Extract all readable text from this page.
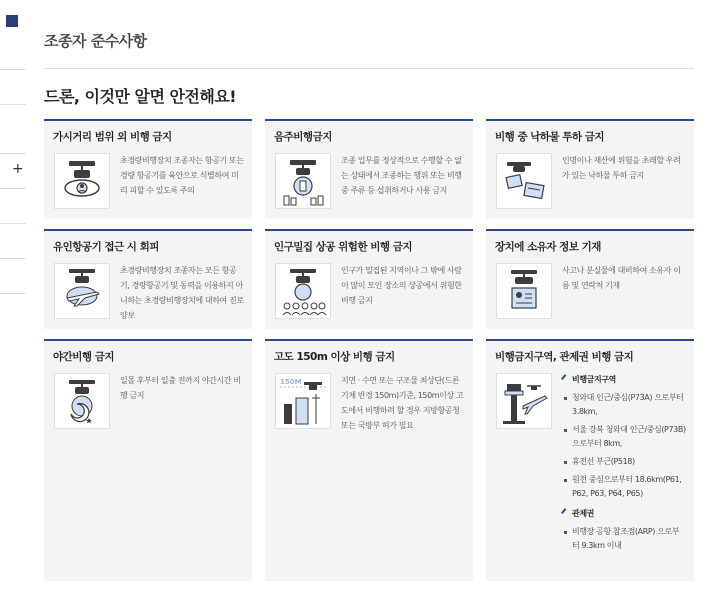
+
조종자 준수사항
드론, 이것만 알면 안전해요!
가시거리 범위 외 비행 금지
초경량비행장치 조종자는 항공기 또는 경량 항공기를 육안으로 식별하여 미리 피할 수 있도록 주의
음주비행금지
조종 업무를 정상적으로 수행할 수 없는 상태에서 조종하는 행위 또는 비행 중 주류 등 섭취하거나 사용 금지
비행 중 낙하물 투하 금지
인명이나 재산에 위험을 초래할 우려가 있는 낙하물 투하 금지
유인항공기 접근 시 회피
초경량비행장치 조종자는 모든 항공기, 경량항공기 및 동력을 이용하지 아니하는 초경량비행장치에 대하여 진로 양보
인구밀집 상공 위험한 비행 금지
인구가 밀집된 지역이나 그 밖에 사람이 많이 모인 장소의 상공에서 위험한 비행 금지
장치에 소유자 정보 기재
사고나 분실물에 대비하여 소유자 이름 및 연락처 기재
야간비행 금지
일몰 후부터 일출 전까지 야간시간 비행 금지
고도 150m 이상 비행 금지
150M	지면 · 수면 또는 구조물 최상단(드론기체 반경 150m)기준, 150m이상 고도에서 비행하려 할 경우 지방항공청 또는 국방부 허가 필요
비행금지구역, 관제권 비행 금지
비행금지구역
청와대 인근/중심(P73A) 으로부터 3.8km,
서울 강북 청와대 인근/중심(P73B)으로부터 8km,
휴전선 부근(P518)
원전 중심으로부터 18.6km(P61, P62, P63, P64, P65)
관제권
비행장 공항 참조점(ARP) 으로부터 9.3km 이내
